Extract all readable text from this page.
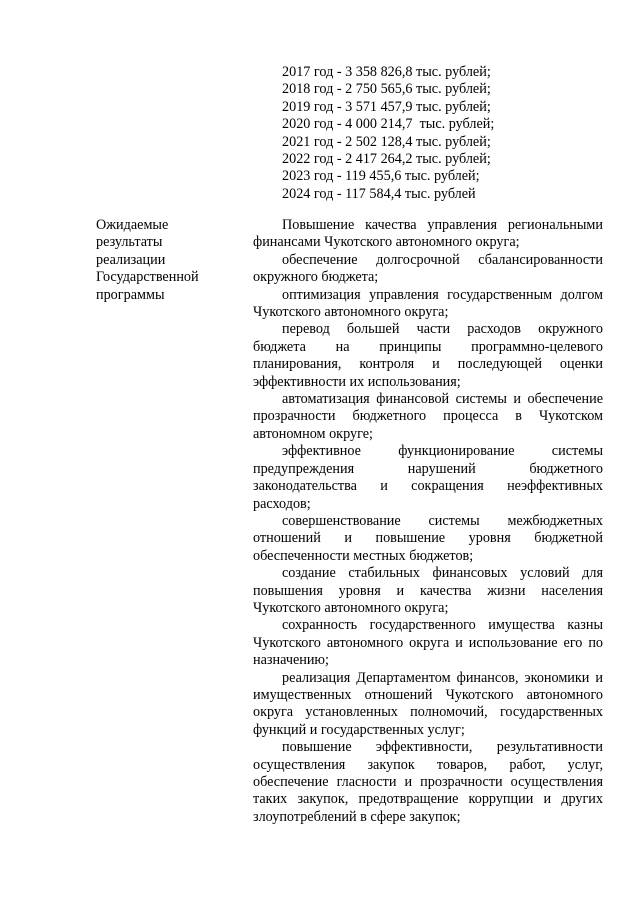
2017 год - 3 358 826,8 тыс. рублей;
2018 год - 2 750 565,6 тыс. рублей;
2019 год - 3 571 457,9 тыс. рублей;
2020 год - 4 000 214,7  тыс. рублей;
2021 год - 2 502 128,4 тыс. рублей;
2022 год - 2 417 264,2 тыс. рублей;
2023 год - 119 455,6 тыс. рублей;
2024 год - 117 584,4 тыс. рублей
Ожидаемые
результаты
реализации
Государственной
программы

Повышение качества управления региональными финансами Чукотского автономного округа;

обеспечение долгосрочной сбалансированности окружного бюджета;

оптимизация управления государственным долгом Чукотского автономного округа;

перевод большей части расходов окружного бюджета на принципы программно-целевого планирования, контроля и последующей оценки эффективности их использования;

автоматизация финансовой системы и обеспечение прозрачности бюджетного процесса в Чукотском автономном округе;

эффективное функционирование системы предупреждения нарушений бюджетного законодательства и сокращения неэффективных расходов;

совершенствование системы межбюджетных отношений и повышение уровня бюджетной обеспеченности местных бюджетов;

создание стабильных финансовых условий для повышения уровня и качества жизни населения Чукотского автономного округа;

сохранность государственного имущества казны Чукотского автономного округа и использование его по назначению;

реализация Департаментом финансов, экономики и имущественных отношений Чукотского автономного округа установленных полномочий, государственных функций и государственных услуг;

повышение эффективности, результативности осуществления закупок товаров, работ, услуг, обеспечение гласности и прозрачности осуществления таких закупок, предотвращение коррупции и других злоупотреблений в сфере закупок;
